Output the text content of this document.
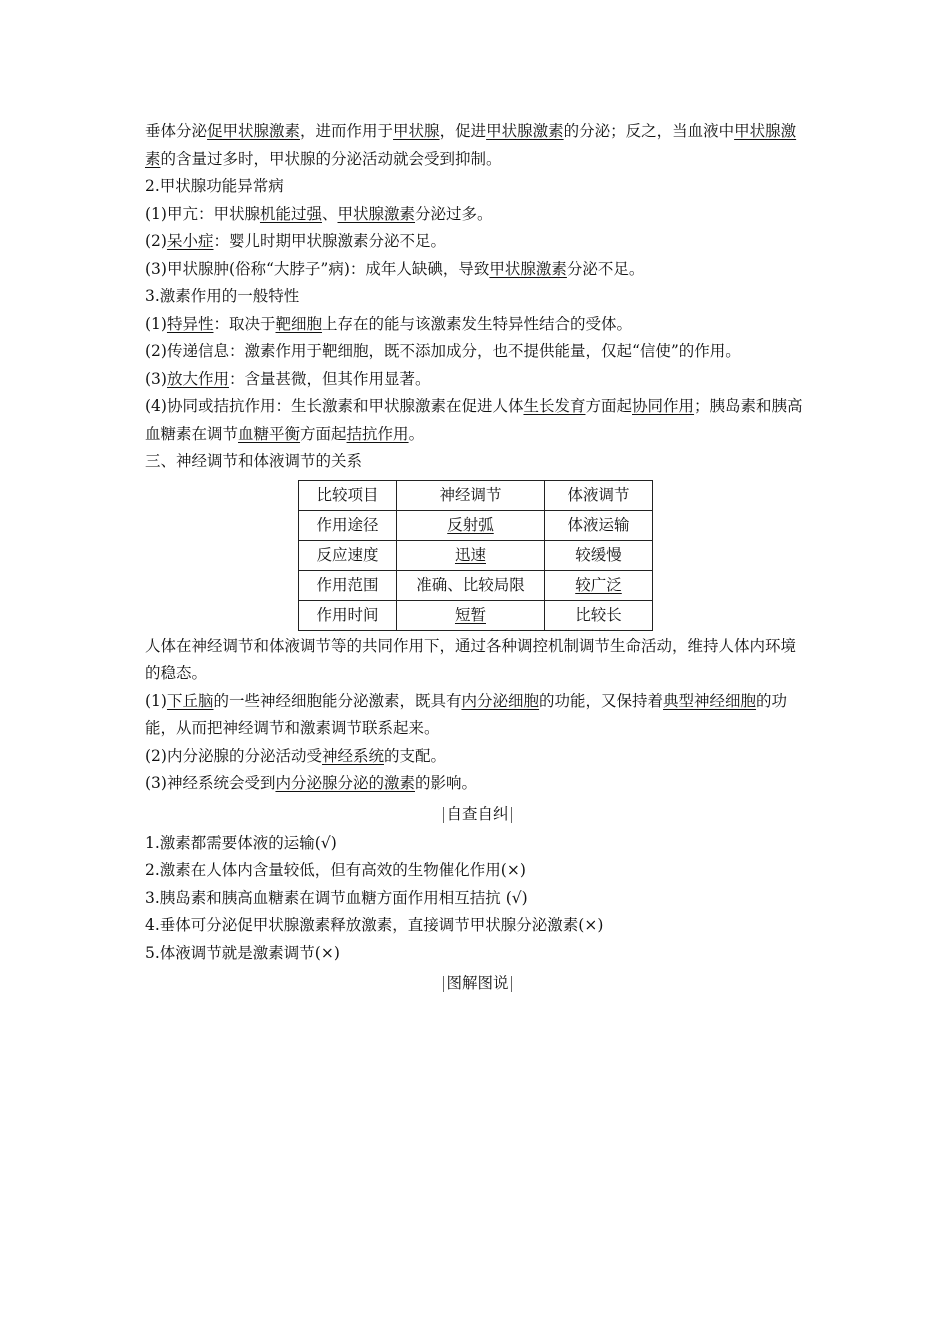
垂体分泌促甲状腺激素，进而作用于甲状腺，促进甲状腺激素的分泌；反之，当血液中甲状腺激素的含量过多时，甲状腺的分泌活动就会受到抑制。

2.甲状腺功能异常病

(1)甲亢：甲状腺机能过强、甲状腺激素分泌过多。

(2)呆小症：婴儿时期甲状腺激素分泌不足。

(3)甲状腺肿(俗称“大脖子”病)：成年人缺碘，导致甲状腺激素分泌不足。

3.激素作用的一般特性

(1)特异性：取决于靶细胞上存在的能与该激素发生特异性结合的受体。

(2)传递信息：激素作用于靶细胞，既不添加成分，也不提供能量，仅起“信使”的作用。

(3)放大作用：含量甚微，但其作用显著。

(4)协同或拮抗作用：生长激素和甲状腺激素在促进人体生长发育方面起协同作用；胰岛素和胰高血糖素在调节血糖平衡方面起拮抗作用。

三、神经调节和体液调节的关系

比较项目	神经调节	体液调节
作用途径	反射弧	体液运输
反应速度	迅速	较缓慢
作用范围	准确、比较局限	较广泛
作用时间	短暂	比较长

人体在神经调节和体液调节等的共同作用下，通过各种调控机制调节生命活动，维持人体内环境的稳态。

(1)下丘脑的一些神经细胞能分泌激素，既具有内分泌细胞的功能，又保持着典型神经细胞的功能，从而把神经调节和激素调节联系起来。

(2)内分泌腺的分泌活动受神经系统的支配。

(3)神经系统会受到内分泌腺分泌的激素的影响。

自查自纠

1.激素都需要体液的运输(√)

2.激素在人体内含量较低，但有高效的生物催化作用(×)

3.胰岛素和胰高血糖素在调节血糖方面作用相互拮抗 (√)

4.垂体可分泌促甲状腺激素释放激素，直接调节甲状腺分泌激素(×)

5.体液调节就是激素调节(×)

图解图说
